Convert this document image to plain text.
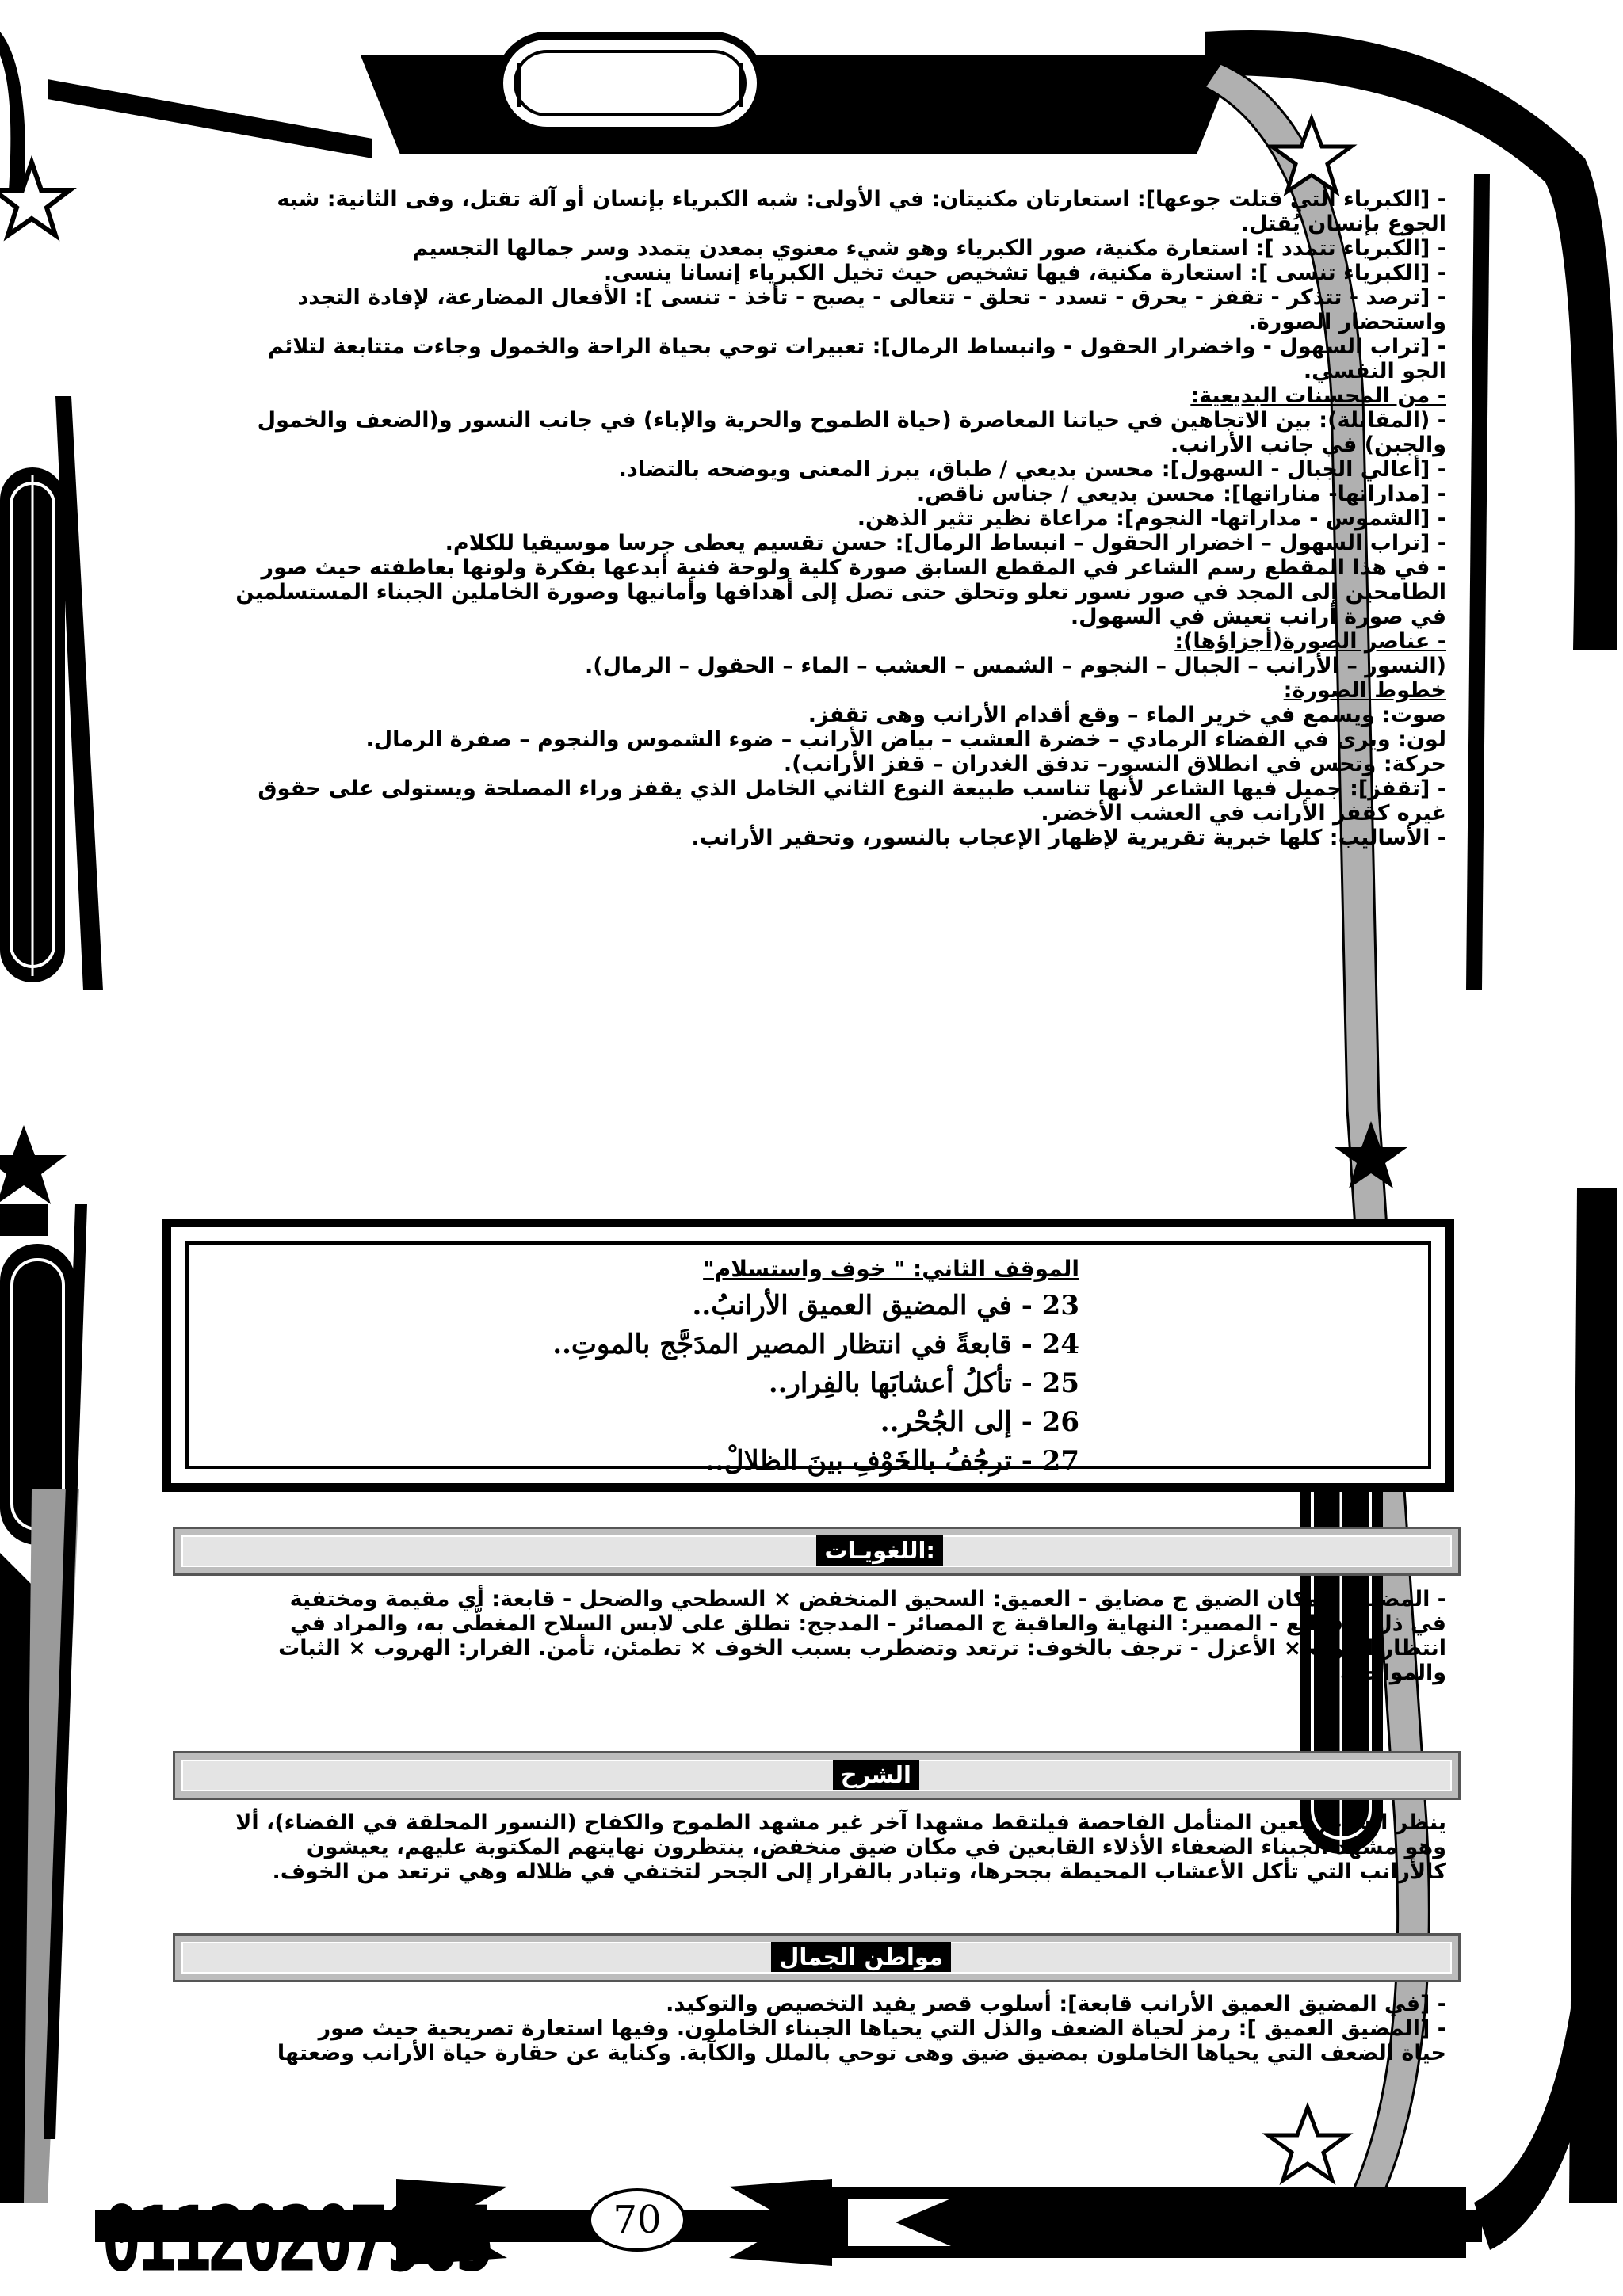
- [الكبرياء التي قتلت جوعها]: استعارتان مكنيتان: في الأولى: شبه الكبرياء بإنسان أو آلة تقتل، وفى الثانية: شبه
الجوع بإنسان يُقتل.
- [الكبرياء تتمدد ]: استعارة مكنية، صور الكبرياء وهو شيء معنوي بمعدن يتمدد وسر جمالها التجسيم
- [الكبرياء تنسى ]: استعارة مكنية، فيها تشخيص حيث تخيل الكبرياء إنسانا ينسى.
- [ترصد - تتذكر - تقفز - يحرق - تسدد - تحلق - تتعالى - يصبح - تأخذ - تنسى ]: الأفعال المضارعة، لإفادة التجدد
واستحضار الصورة.
- [تراب السهول - واخضرار الحقول - وانبساط الرمال]: تعبيرات توحي بحياة الراحة والخمول وجاءت متتابعة لتلائم
الجو النفسي.
- من المحسنات البديعية:
- (المقابلة): بين الاتجاهين في حياتنا المعاصرة (حياة الطموح والحرية والإباء) في جانب النسور و(الضعف والخمول
والجبن) في جانب الأرانب.
- [أعالي الجبال - السهول]: محسن بديعي / طباق، يبرز المعنى ويوضحه بالتضاد.
- [مداراتها- مناراتها]: محسن بديعي / جناس ناقص.
- [الشموس - مداراتها- النجوم]: مراعاة نظير تثير الذهن.
- [تراب السهول – اخضرار الحقول – انبساط الرمال]: حسن تقسيم يعطى جرسا موسيقيا للكلام.
- في هذا المقطع رسم الشاعر في المقطع السابق صورة كلية ولوحة فنية أبدعها بفكرة ولونها بعاطفته حيث صور
الطامحين إلى المجد في صور نسور تعلو وتحلق حتى تصل إلى أهدافها وأمانيها وصورة الخاملين الجبناء المستسلمين
في صورة أرانب تعيش في السهول.
- عناصر الصورة(أجزاؤها):
(النسور – الأرانب – الجبال – النجوم – الشمس – العشب – الماء – الحقول – الرمال).
خطوط الصورة:
صوت: ويسمع في خرير الماء – وقع أقدام الأرانب وهى تقفز.
لون: ويرى في الفضاء الرمادي – خضرة العشب – بياض الأرانب – ضوء الشموس والنجوم – صفرة الرمال.
حركة: وتحس في انطلاق النسور– تدفق الغدران – قفز الأرانب).
- [تقفز]: جميل فيها الشاعر لأنها تناسب طبيعة النوع الثاني الخامل الذي يقفز وراء المصلحة ويستولى على حقوق
غيره كقفز الأرانب في العشب الأخضر.
- الأساليب: كلها خبرية تقريرية لإظهار الإعجاب بالنسور، وتحقير الأرانب.
الموقف الثاني: " خوف واستسلام"
23 - في المضيق العميق الأرانبُ..
24 - قابعةً في انتظار المصير المدَجَّج بالموتِ..
25 - تأكلُ أعشابَها بالفِرار..
26 - إلى الجُحْر..
27 - ترجُفُ بالخَوْفِ بينَ الظلالْ..
:اللغويـات
- المضيق: المكان الضيق ج مضايق - العميق: السحيق المنخفض × السطحي والضحل - قابعة: أي مقيمة ومختفية
في ذل ج قوابع - المصير: النهاية والعاقبة ج المصائر - المدجج: تطلق على لابس السلاح المغطَّى به، والمراد في
انتظار الموت × الأعزل - ترجف بالخوف: ترتعد وتضطرب بسبب الخوف × تطمئن، تأمن. الفرار: الهروب × الثبات
والمواجهة.
الشرح
ينظر الشاعر بعين المتأمل الفاحصة فيلتقط مشهدا آخر غير مشهد الطموح والكفاح (النسور المحلقة في الفضاء)، ألا
وهو مشهد الجبناء الضعفاء الأذلاء القابعين في مكان ضيق منخفض، ينتظرون نهايتهم المكتوبة عليهم، يعيشون
كالأرانب التي تأكل الأعشاب المحيطة بجحرها، وتبادر بالفرار إلى الجحر لتختفي في ظلاله وهي ترتعد من الخوف.
مواطن الجمال
- [في المضيق العميق الأرانب قابعة]: أسلوب قصر يفيد التخصيص والتوكيد.
- [المضيق العميق ]: رمز لحياة الضعف والذل التي يحياها الجبناء الخاملون. وفيها استعارة تصريحية حيث صور
حياة الضعف التي يحياها الخاملون بمضيق ضيق وهى توحي بالملل والكآبة. وكناية عن حقارة حياة الأرانب وضعتها
01120207965	70
